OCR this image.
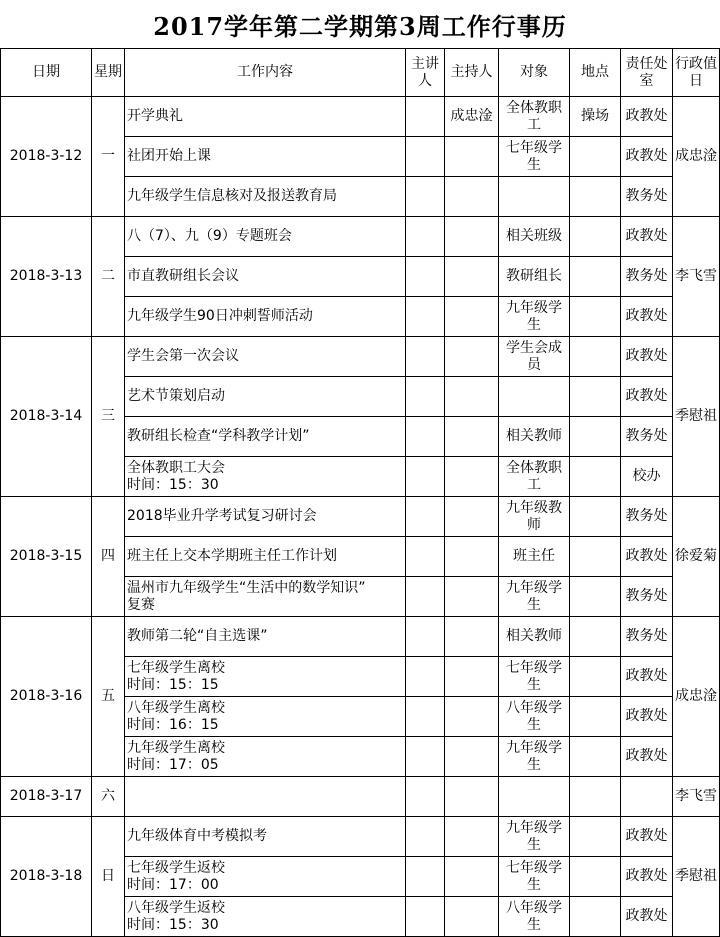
2017学年第二学期第3周工作行事历
日期	星期	工作内容	主讲人	主持人	对象	地点	责任处室	行政值日
2018-3-12	一	开学典礼		成忠淦	全体教职工	操场	政教处	成忠淦

		社团开始上课			七年级学生		政教处	

		九年级学生信息核对及报送教育局					教务处	
2018-3-13	二	八（7）、九（9）专题班会			相关班级		政教处	李飞雪

		市直教研组长会议			教研组长		教务处	

		九年级学生90日冲刺誓师活动			九年级学生		政教处	
2018-3-14	三	学生会第一次会议			学生会成员		政教处	季慰祖

		艺术节策划启动					政教处	

		教研组长检查“学科教学计划”			相关教师		教务处	

		全体教职工大会
时间：15：30			全体教职工		校办	
2018-3-15	四	2018毕业升学考试复习研讨会			九年级教师		教务处	徐爱菊

		班主任上交本学期班主任工作计划			班主任		政教处	

		温州市九年级学生“生活中的数学知识”
复赛			九年级学生		教务处	
2018-3-16	五	教师第二轮“自主选课”			相关教师		教务处	成忠淦

		七年级学生离校
时间：15：15			七年级学生		政教处	

		八年级学生离校
时间：16：15			八年级学生		政教处	

		九年级学生离校
时间：17：05			九年级学生		政教处	
2018-3-17	六							李飞雪
2018-3-18	日	九年级体育中考模拟考			九年级学生		政教处	季慰祖

		七年级学生返校
时间：17：00			七年级学生		政教处	

		八年级学生返校
时间：15：30			八年级学生		政教处	
